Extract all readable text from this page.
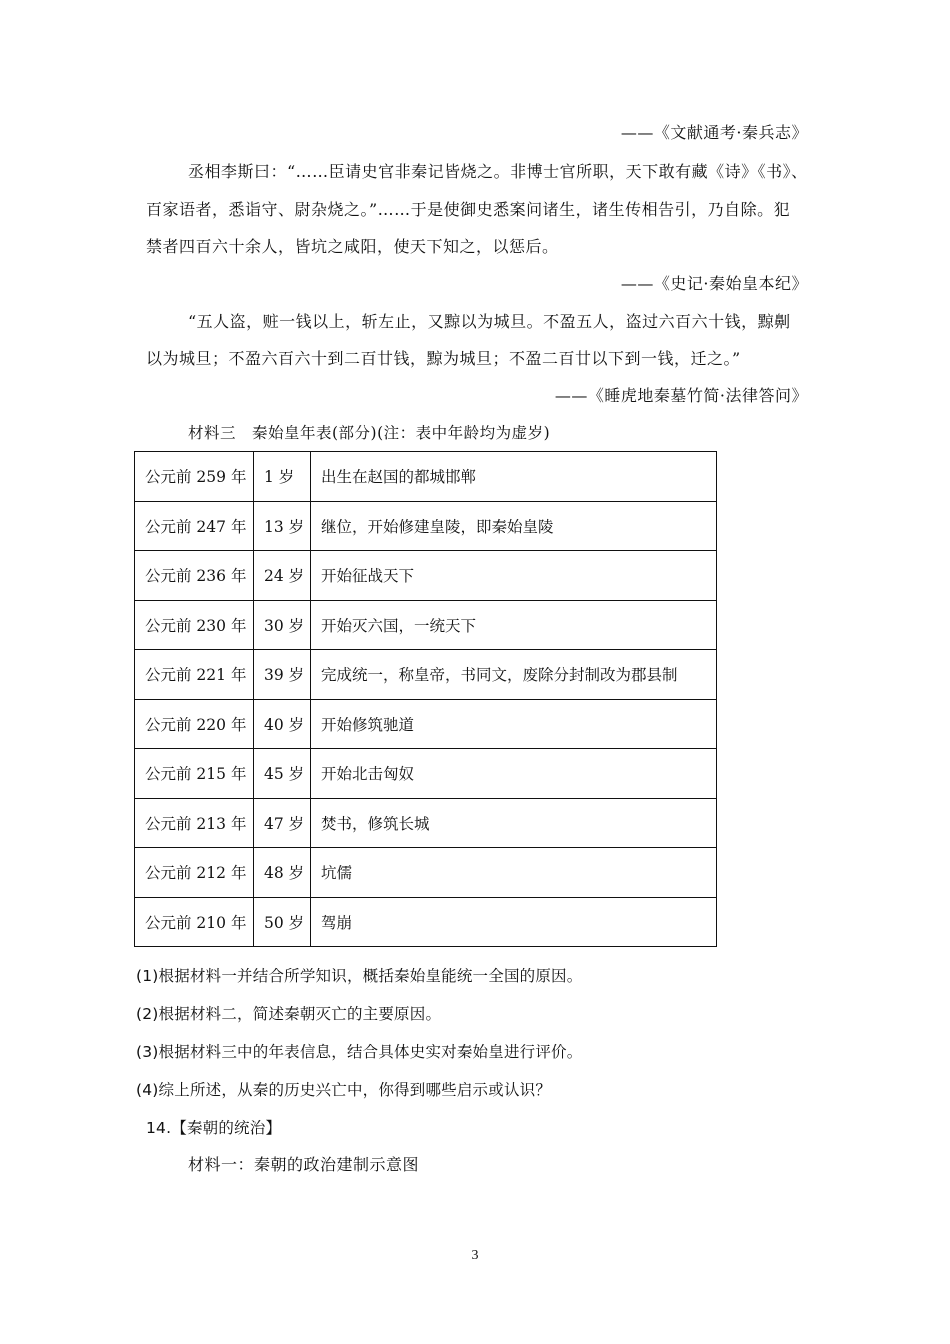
——《文献通考·秦兵志》
丞相李斯曰：“……臣请史官非秦记皆烧之。非博士官所职，天下敢有藏《诗》《书》、
百家语者，悉诣守、尉杂烧之。”……于是使御史悉案问诸生，诸生传相告引，乃自除。犯
禁者四百六十余人，皆坑之咸阳，使天下知之，以惩后。
——《史记·秦始皇本纪》
“五人盗，赃一钱以上，斩左止，又黥以为城旦。不盈五人，盗过六百六十钱，黥劓
以为城旦；不盈六百六十到二百廿钱，黥为城旦；不盈二百廿以下到一钱，迁之。”
——《睡虎地秦墓竹简·法律答问》
材料三　秦始皇年表(部分)(注：表中年龄均为虚岁)
公元前 259 年	1 岁	出生在赵国的都城邯郸
公元前 247 年	13 岁	继位，开始修建皇陵，即秦始皇陵
公元前 236 年	24 岁	开始征战天下
公元前 230 年	30 岁	开始灭六国，一统天下
公元前 221 年	39 岁	完成统一，称皇帝，书同文，废除分封制改为郡县制
公元前 220 年	40 岁	开始修筑驰道
公元前 215 年	45 岁	开始北击匈奴
公元前 213 年	47 岁	焚书，修筑长城
公元前 212 年	48 岁	坑儒
公元前 210 年	50 岁	驾崩
(1)根据材料一并结合所学知识，概括秦始皇能统一全国的原因。
(2)根据材料二，简述秦朝灭亡的主要原因。
(3)根据材料三中的年表信息，结合具体史实对秦始皇进行评价。
(4)综上所述，从秦的历史兴亡中，你得到哪些启示或认识？
14.【秦朝的统治】
材料一：秦朝的政治建制示意图
3
